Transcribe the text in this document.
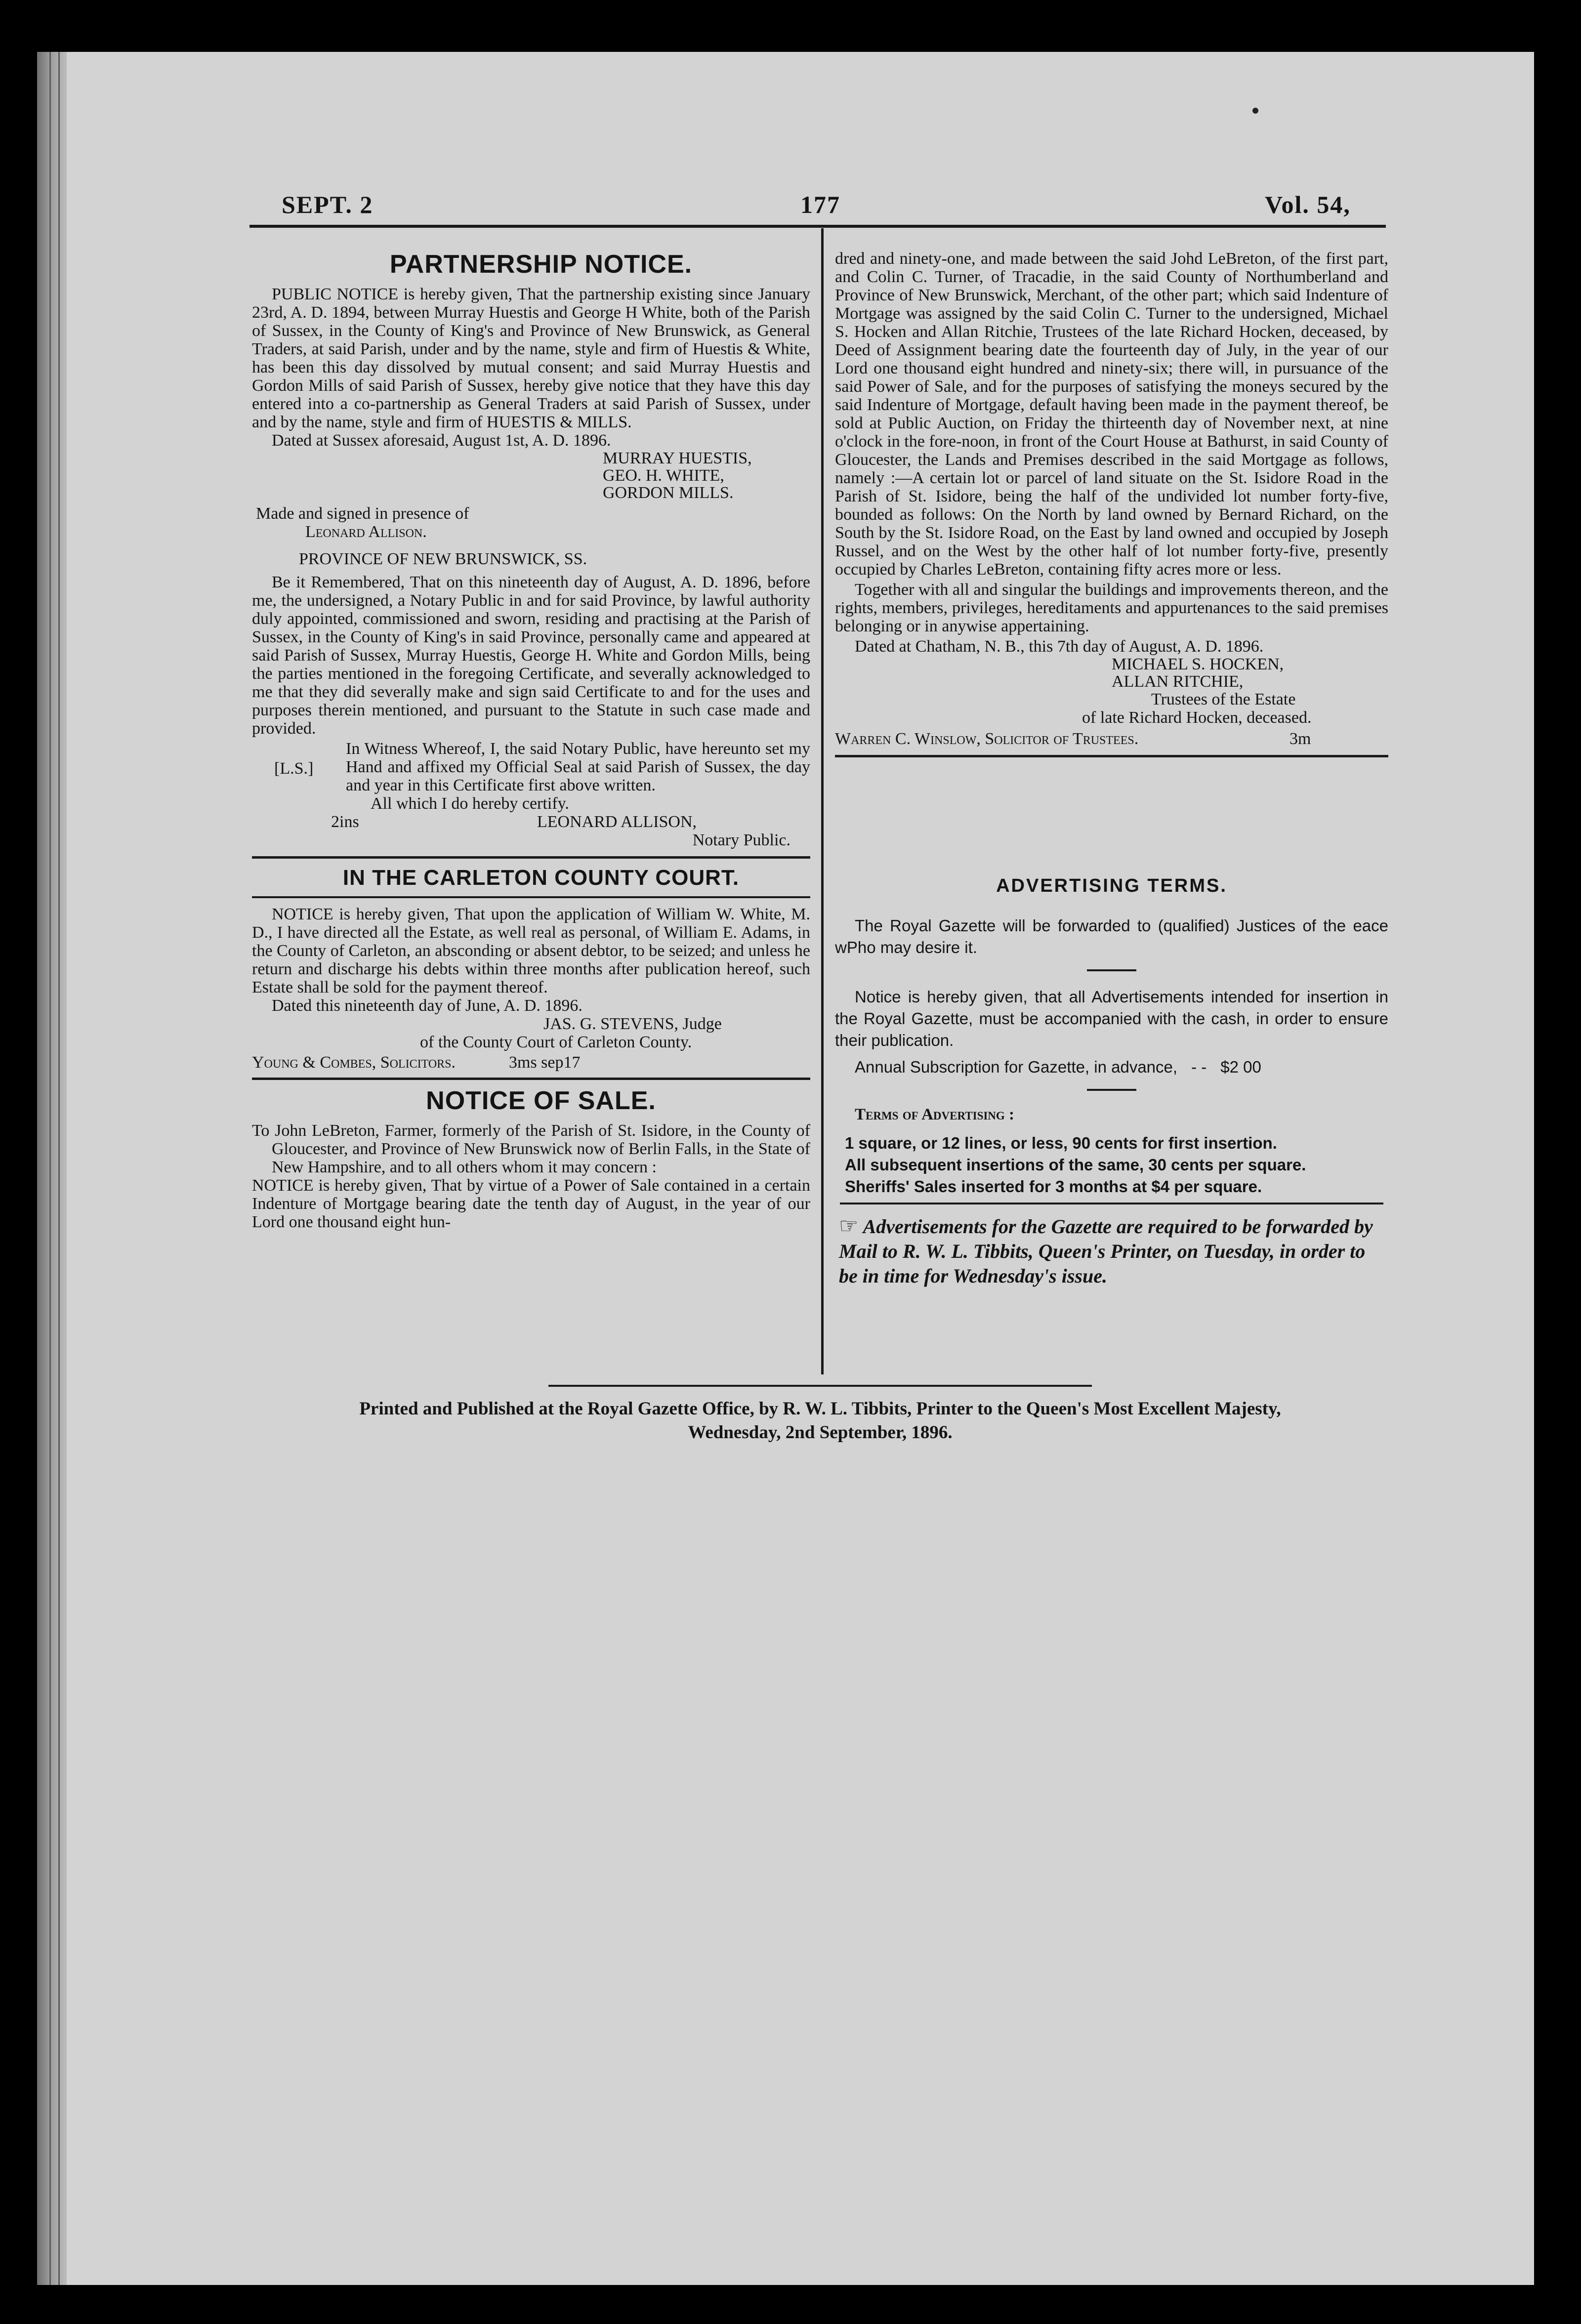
SEPT. 2	177	Vol. 54,

PARTNERSHIP NOTICE.

PUBLIC NOTICE is hereby given, That the partnership existing since January 23rd, A. D. 1894, between Murray Huestis and George H White, both of the Parish of Sussex, in the County of King's and Province of New Brunswick, as General Traders, at said Parish, under and by the name, style and firm of Huestis & White, has been this day dissolved by mutual consent; and said Murray Huestis and Gordon Mills of said Parish of Sussex, hereby give notice that they have this day entered into a co-partnership as General Traders at said Parish of Sussex, under and by the name, style and firm of HUESTIS & MILLS.

Dated at Sussex aforesaid, August 1st, A. D. 1896.

MURRAY HUESTIS,
GEO. H. WHITE,
GORDON MILLS.
Made and signed in presence of
Leonard Allison.
PROVINCE OF NEW BRUNSWICK, SS.

Be it Remembered, That on this nineteenth day of August, A. D. 1896, before me, the undersigned, a Notary Public in and for said Province, by lawful authority duly appointed, commissioned and sworn, residing and practising at the Parish of Sussex, in the County of King's in said Province, personally came and appeared at said Parish of Sussex, Murray Huestis, George H. White and Gordon Mills, being the parties mentioned in the foregoing Certificate, and severally acknowledged to me that they did severally make and sign said Certificate to and for the uses and purposes therein mentioned, and pursuant to the Statute in such case made and provided.

[L.S.]
In Witness Whereof, I, the said Notary Public, have hereunto set my Hand and affixed my Official Seal at said Parish of Sussex, the day and year in this Certificate first above written.
All which I do hereby certify.
2ins	LEONARD ALLISON,
Notary Public.

IN THE CARLETON COUNTY COURT.

NOTICE is hereby given, That upon the application of William W. White, M. D., I have directed all the Estate, as well real as personal, of William E. Adams, in the County of Carleton, an absconding or absent debtor, to be seized; and unless he return and discharge his debts within three months after publication hereof, such Estate shall be sold for the payment thereof.

Dated this nineteenth day of June, A. D. 1896.

JAS. G. STEVENS, Judge
of the County Court of Carleton County.
Young & Combes, Solicitors.	3ms sep17

NOTICE OF SALE.

To John LeBreton, Farmer, formerly of the Parish of St. Isidore, in the County of Gloucester, and Province of New Brunswick now of Berlin Falls, in the State of New Hampshire, and to all others whom it may concern :

NOTICE is hereby given, That by virtue of a Power of Sale contained in a certain Indenture of Mortgage bearing date the tenth day of August, in the year of our Lord one thousand eight hun-

dred and ninety-one, and made between the said Johd LeBreton, of the first part, and Colin C. Turner, of Tracadie, in the said County of Northumberland and Province of New Brunswick, Merchant, of the other part; which said Indenture of Mortgage was assigned by the said Colin C. Turner to the undersigned, Michael S. Hocken and Allan Ritchie, Trustees of the late Richard Hocken, deceased, by Deed of Assignment bearing date the fourteenth day of July, in the year of our Lord one thousand eight hundred and ninety-six; there will, in pursuance of the said Power of Sale, and for the purposes of satisfying the moneys secured by the said Indenture of Mortgage, default having been made in the payment thereof, be sold at Public Auction, on Friday the thirteenth day of November next, at nine o'clock in the fore-noon, in front of the Court House at Bathurst, in said County of Gloucester, the Lands and Premises described in the said Mortgage as follows, namely :—A certain lot or parcel of land situate on the St. Isidore Road in the Parish of St. Isidore, being the half of the undivided lot number forty-five, bounded as follows: On the North by land owned by Bernard Richard, on the South by the St. Isidore Road, on the East by land owned and occupied by Joseph Russel, and on the West by the other half of lot number forty-five, presently occupied by Charles LeBreton, containing fifty acres more or less.

Together with all and singular the buildings and improvements thereon, and the rights, members, privileges, hereditaments and appurtenances to the said premises belonging or in anywise appertaining.

Dated at Chatham, N. B., this 7th day of August, A. D. 1896.

MICHAEL S. HOCKEN,
ALLAN RITCHIE,
Trustees of the Estate
of late Richard Hocken, deceased.
Warren C. Winslow, Solicitor of Trustees.	3m
ADVERTISING TERMS.
The Royal Gazette will be forwarded to (qualified) Justices of the eace wPho may desire it.
Notice is hereby given, that all Advertisements intended for insertion in the Royal Gazette, must be accompanied with the cash, in order to ensure their publication.
Annual Subscription for Gazette, in advance, - - $2 00
Terms of Advertising :
1 square, or 12 lines, or less, 90 cents for first insertion.
All subsequent insertions of the same, 30 cents per square.
Sheriffs' Sales inserted for 3 months at $4 per square.
☞ Advertisements for the Gazette are required to be forwarded by Mail to R. W. L. Tibbits, Queen's Printer, on Tuesday, in order to be in time for Wednesday's issue.
Printed and Published at the Royal Gazette Office, by R. W. L. Tibbits, Printer to the Queen's Most Excellent Majesty,
Wednesday, 2nd September, 1896.
